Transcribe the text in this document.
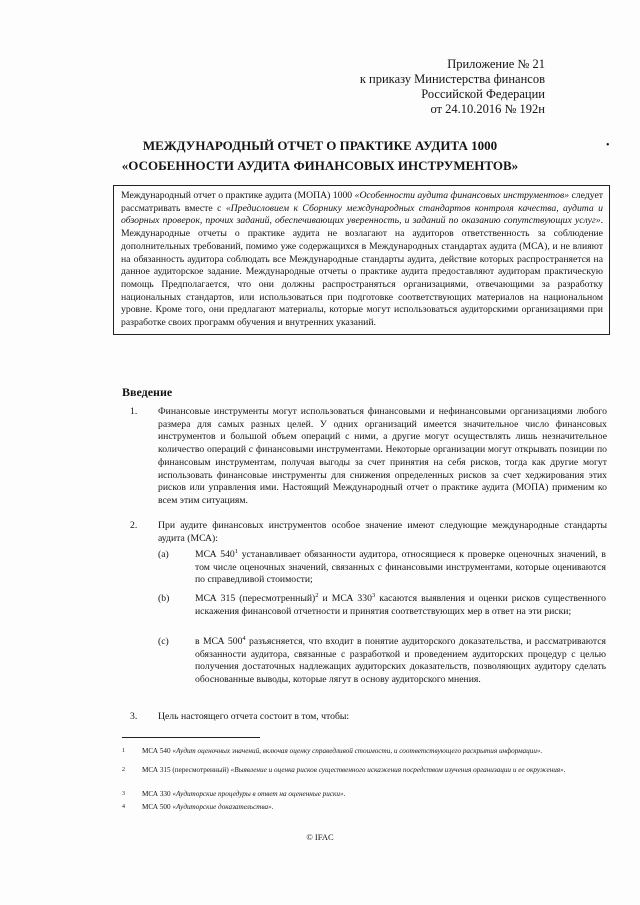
Приложение № 21
к приказу Министерства финансов
Российской Федерации
от 24.10.2016 № 192н
МЕЖДУНАРОДНЫЙ ОТЧЕТ О ПРАКТИКЕ АУДИТА 1000
«ОСОБЕННОСТИ АУДИТА ФИНАНСОВЫХ ИНСТРУМЕНТОВ»
•
Международный отчет о практике аудита (МОПА) 1000 «Особенности аудита финансовых инструментов» следует рассматривать вместе с «Предисловием к Сборнику международных стандартов контроля качества, аудита и обзорных проверок, прочих заданий, обеспечивающих уверенность, и заданий по оказанию сопутствующих услуг». Международные отчеты о практике аудита не возлагают на аудиторов ответственность за соблюдение дополнительных требований, помимо уже содержащихся в Международных стандартах аудита (МСА), и не влияют на обязанность аудитора соблюдать все Международные стандарты аудита, действие которых распространяется на данное аудиторское задание. Международные отчеты о практике аудита предоставляют аудиторам практическую помощь Предполагается, что они должны распространяться организациями, отвечающими за разработку национальных стандартов, или использоваться при подготовке соответствующих материалов на национальном уровне. Кроме того, они предлагают материалы, которые могут использоваться аудиторскими организациями при разработке своих программ обучения и внутренних указаний.
Введение
1. Финансовые инструменты могут использоваться финансовыми и нефинансовыми организациями любого размера для самых разных целей. У одних организаций имеется значительное число финансовых инструментов и большой объем операций с ними, а другие могут осуществлять лишь незначительное количество операций с финансовыми инструментами. Некоторые организации могут открывать позиции по финансовым инструментам, получая выгоды за счет принятия на себя рисков, тогда как другие могут использовать финансовые инструменты для снижения определенных рисков за счет хеджирования этих рисков или управления ими. Настоящий Международный отчет о практике аудита (МОПА) применим ко всем этим ситуациям.
2. При аудите финансовых инструментов особое значение имеют следующие международные стандарты аудита (МСА):
(a)	МСА $540^1$ устанавливает обязанности аудитора, относящиеся к проверке оценочных значений, в том числе оценочных значений, связанных с финансовыми инструментами, которые оцениваются по справедливой стоимости;
(b)	МСА 315 (пересмотренный)$^2$ и МСА $330^3$ касаются выявления и оценки рисков существенного искажения финансовой отчетности и принятия соответствующих мер в ответ на эти риски;
(c)	в МСА $500^4$ разъясняется, что входит в понятие аудиторского доказательства, и рассматриваются обязанности аудитора, связанные с разработкой и проведением аудиторских процедур с целью получения достаточных надлежащих аудиторских доказательств, позволяющих аудитору сделать обоснованные выводы, которые лягут в основу аудиторского мнения.
3. Цель настоящего отчета состоит в том, чтобы:
1 МСА 540 «Аудит оценочных значений, включая оценку справедливой стоимости, и соответствующего раскрытия информации».
2 МСА 315 (пересмотренный) «Выявление и оценка рисков существенного искажения посредством изучения организации и ее окружения».
3 МСА 330 «Аудиторские процедуры в ответ на оцененные риски».
4 МСА 500 «Аудиторские доказательства».
© IFAC
